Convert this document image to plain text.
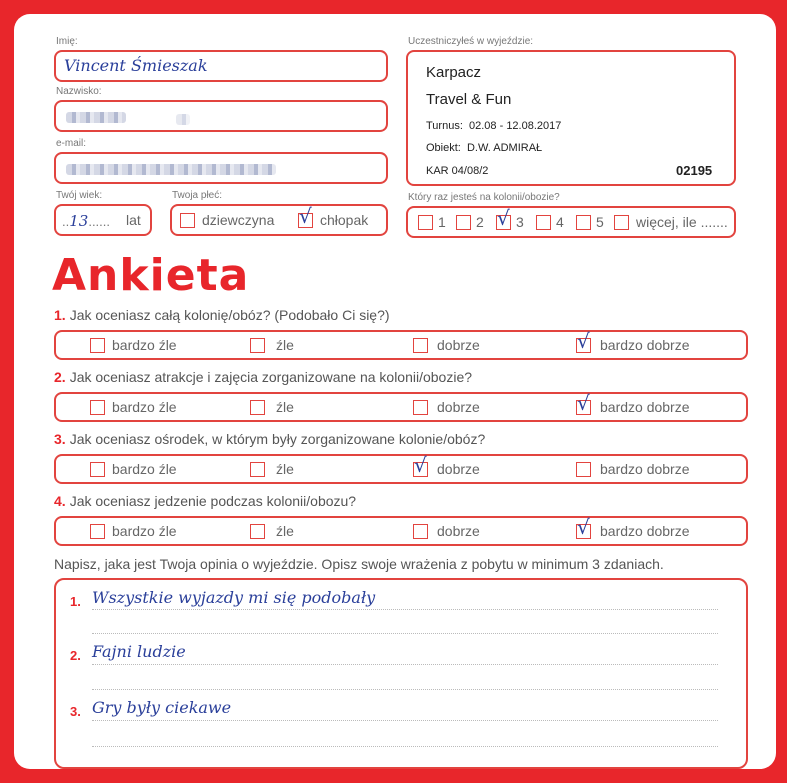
Imię:
Vincent Śmieszak
Nazwisko:
e-mail:
Twój wiek:
..13...... lat
Twoja płeć:
dziewczyna √ chłopak
Uczestniczyłeś w wyjeździe:
Karpacz
Travel & Fun
Turnus: 02.08 - 12.08.2017
Obiekt: D.W. ADMIRAŁ
KAR 04/08/2	02195
Który raz jesteś na kolonii/obozie?
1 2 √ 3 4 5 więcej, ile .......
Ankieta
1. Jak oceniasz całą kolonię/obóz? (Podobało Ci się?)
bardzo źle	źle	dobrze	√ bardzo dobrze
2. Jak oceniasz atrakcje i zajęcia zorganizowane na kolonii/obozie?
bardzo źle	źle	dobrze	√ bardzo dobrze
3. Jak oceniasz ośrodek, w którym były zorganizowane kolonie/obóz?
bardzo źle	źle	√ dobrze	bardzo dobrze
4. Jak oceniasz jedzenie podczas kolonii/obozu?
bardzo źle	źle	dobrze	√ bardzo dobrze
Napisz, jaka jest Twoja opinia o wyjeździe. Opisz swoje wrażenia z pobytu w minimum 3 zdaniach.
1. Wszystkie wyjazdy mi się podobały
2. Fajni ludzie
3. Gry były ciekawe
